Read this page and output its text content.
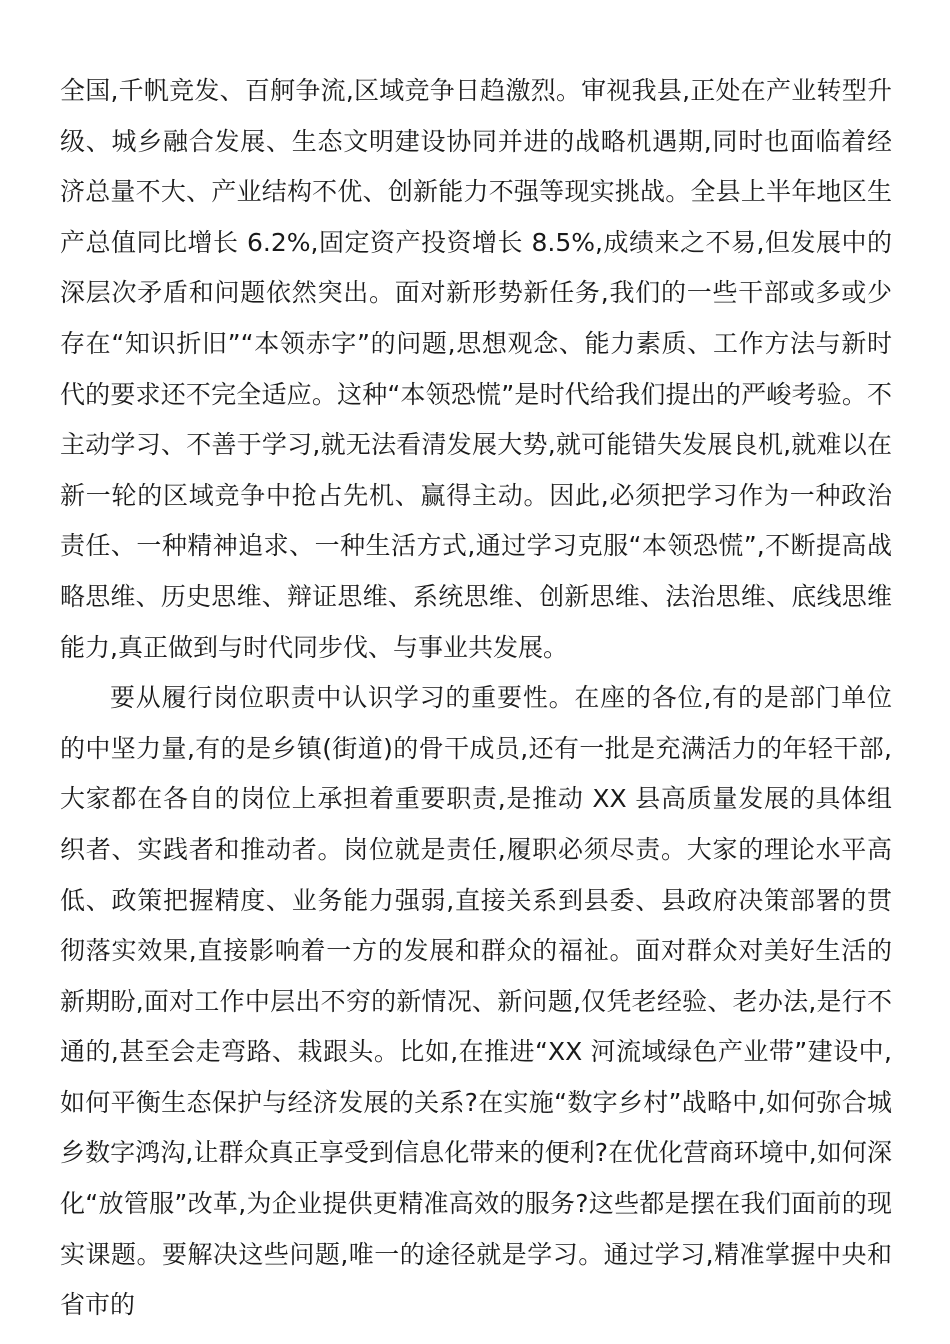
全国,千帆竞发、百舸争流,区域竞争日趋激烈。审视我县,正处在产业转型升级、城乡融合发展、生态文明建设协同并进的战略机遇期,同时也面临着经济总量不大、产业结构不优、创新能力不强等现实挑战。全县上半年地区生产总值同比增长 6.2%,固定资产投资增长 8.5%,成绩来之不易,但发展中的深层次矛盾和问题依然突出。面对新形势新任务,我们的一些干部或多或少存在“知识折旧”“本领赤字”的问题,思想观念、能力素质、工作方法与新时代的要求还不完全适应。这种“本领恐慌”是时代给我们提出的严峻考验。不主动学习、不善于学习,就无法看清发展大势,就可能错失发展良机,就难以在新一轮的区域竞争中抢占先机、赢得主动。因此,必须把学习作为一种政治责任、一种精神追求、一种生活方式,通过学习克服“本领恐慌”,不断提高战略思维、历史思维、辩证思维、系统思维、创新思维、法治思维、底线思维能力,真正做到与时代同步伐、与事业共发展。

要从履行岗位职责中认识学习的重要性。在座的各位,有的是部门单位的中坚力量,有的是乡镇(街道)的骨干成员,还有一批是充满活力的年轻干部,大家都在各自的岗位上承担着重要职责,是推动 XX 县高质量发展的具体组织者、实践者和推动者。岗位就是责任,履职必须尽责。大家的理论水平高低、政策把握精度、业务能力强弱,直接关系到县委、县政府决策部署的贯彻落实效果,直接影响着一方的发展和群众的福祉。面对群众对美好生活的新期盼,面对工作中层出不穷的新情况、新问题,仅凭老经验、老办法,是行不通的,甚至会走弯路、栽跟头。比如,在推进“XX 河流域绿色产业带”建设中,如何平衡生态保护与经济发展的关系?在实施“数字乡村”战略中,如何弥合城乡数字鸿沟,让群众真正享受到信息化带来的便利?在优化营商环境中,如何深化“放管服”改革,为企业提供更精准高效的服务?这些都是摆在我们面前的现实课题。要解决这些问题,唯一的途径就是学习。通过学习,精准掌握中央和省市的
